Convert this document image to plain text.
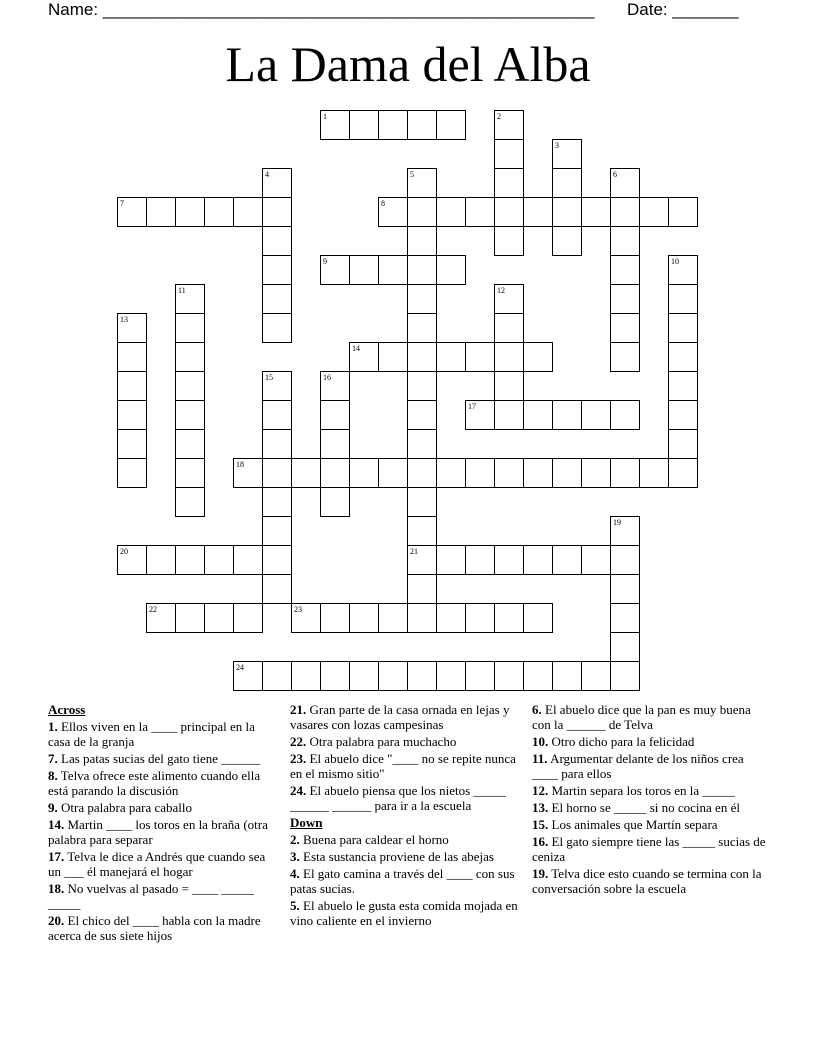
Name: ____________________________________________________ Date: _______
La Dama del Alba
1	2
3
4	5
21
6
7	8
9	10
11	12
13
14
15	16
17
18
19
20
22	23
24
Across
1. Ellos viven en la ____ principal en la casa de la granja
7. Las patas sucias del gato tiene ______
8. Telva ofrece este alimento cuando ella está parando la discusión
9. Otra palabra para caballo
14. Martin ____ los toros en la braña (otra palabra para separar
17. Telva le dice a Andrés que cuando sea un ___ él manejará el hogar
18. No vuelvas al pasado = ____ _____ _____
20. El chico del ____ habla con la madre acerca de sus siete hijos
21. Gran parte de la casa ornada en lejas y vasares con lozas campesinas
22. Otra palabra para muchacho
23. El abuelo dice "____ no se repite nunca en el mismo sitio"
24. El abuelo piensa que los nietos _____ ______ ______ para ir a la escuela
Down
2. Buena para caldear el horno
3. Esta sustancia proviene de las abejas
4. El gato camina a través del ____ con sus patas sucias.
5. El abuelo le gusta esta comida mojada en vino caliente en el invierno
6. El abuelo dice que la pan es muy buena con la ______ de Telva
10. Otro dicho para la felicidad
11. Argumentar delante de los niños crea ____ para ellos
12. Martin separa los toros en la _____
13. El horno se _____ si no cocina en él
15. Los animales que Martín separa
16. El gato siempre tiene las _____ sucias de ceniza
19. Telva dice esto cuando se termina con la conversación sobre la escuela
